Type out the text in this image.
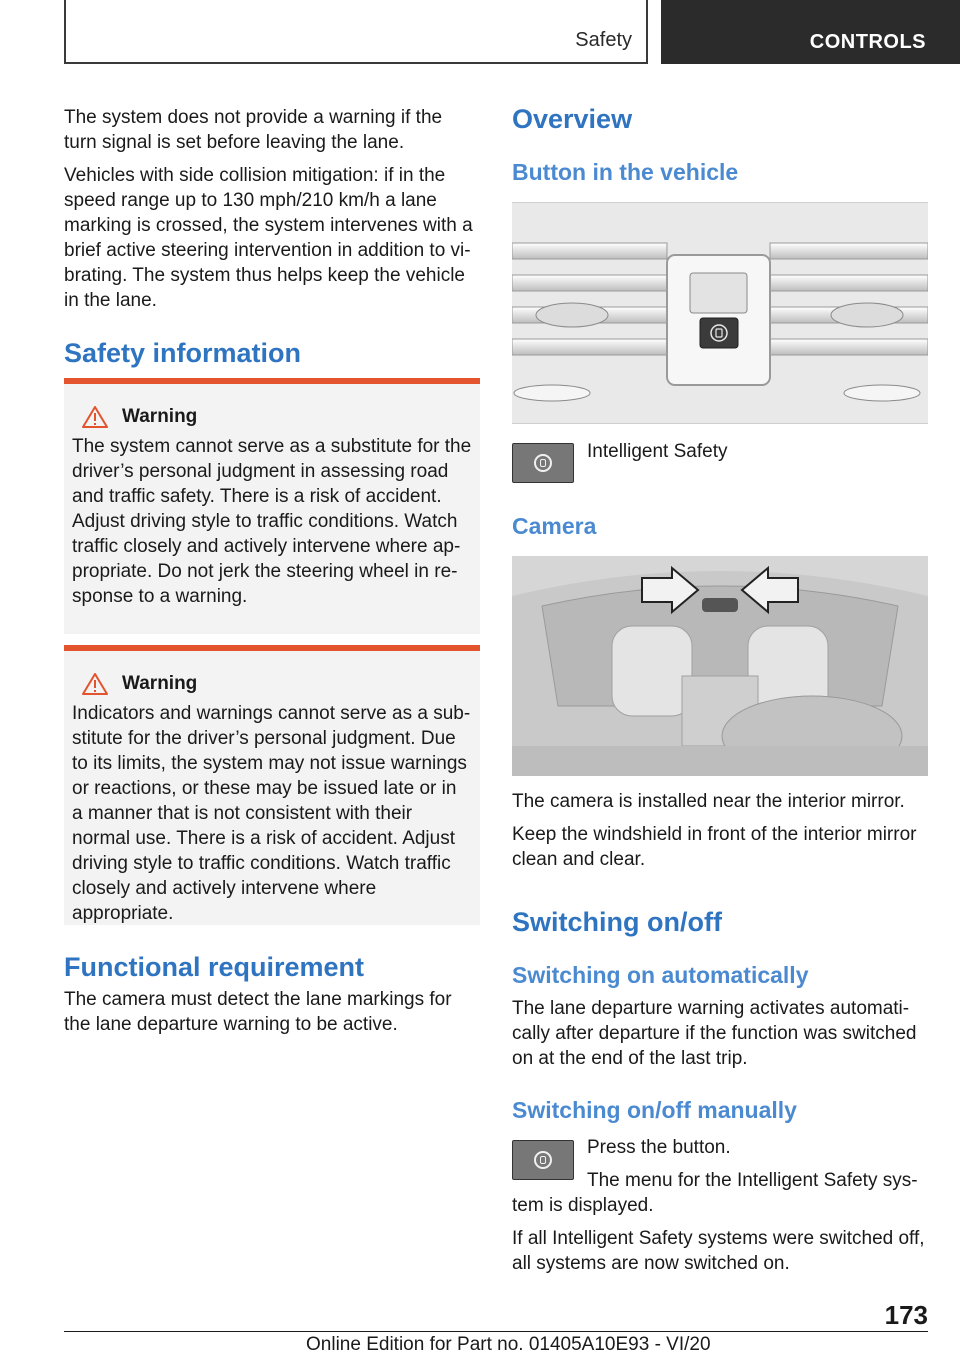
Safety	CONTROLS

The system does not provide a warning if the turn signal is set before leaving the lane.

Vehicles with side collision mitigation: if in the speed range up to 130 mph/210 km/h a lane marking is crossed, the system intervenes with a brief active steering intervention in addition to vi‐brating. The system thus helps keep the vehicle in the lane.

Safety information
Warning
The system cannot serve as a substitute for the driver’s personal judgment in assessing road and traffic safety. There is a risk of accident. Adjust driving style to traffic conditions. Watch traffic closely and actively intervene where ap‐propriate. Do not jerk the steering wheel in re‐sponse to a warning.
Warning
Indicators and warnings cannot serve as a sub‐stitute for the driver’s personal judgment. Due to its limits, the system may not issue warnings or reactions, or these may be issued late or in a manner that is not consistent with their normal use. There is a risk of accident. Adjust driving style to traffic conditions. Watch traffic closely and actively intervene where appropriate.
Functional requirement

The camera must detect the lane markings for the lane departure warning to be active.

Overview
Button in the vehicle
Intelligent Safety
Camera

The camera is installed near the interior mirror.

Keep the windshield in front of the interior mirror clean and clear.

Switching on/off
Switching on automatically

The lane departure warning activates automati‐cally after departure if the function was switched on at the end of the last trip.

Switching on/off manually
Press the button.

The menu for the Intelligent Safety sys‐tem is displayed.

If all Intelligent Safety systems were switched off, all systems are now switched on.

173
Online Edition for Part no. 01405A10E93 - VI/20
